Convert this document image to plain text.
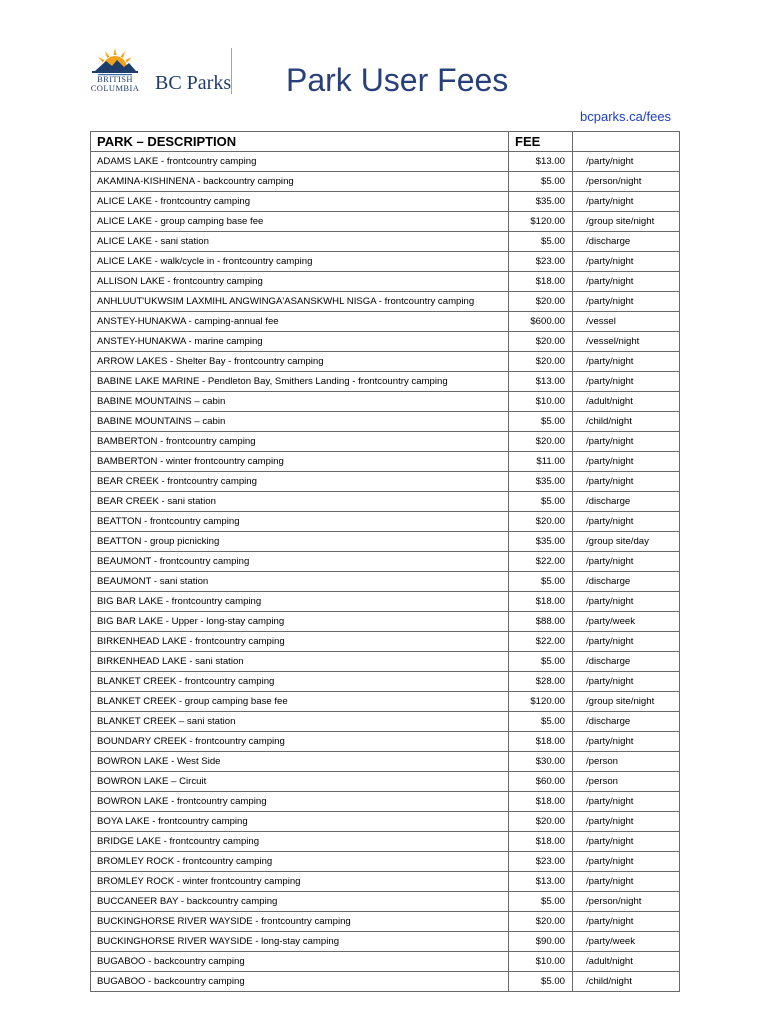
BRITISH
COLUMBIA BC Parks Park User Fees
bcparks.ca/fees
PARK – DESCRIPTION	FEE	
ADAMS LAKE - frontcountry camping	$13.00	/party/night
AKAMINA-KISHINENA - backcountry camping	$5.00	/person/night
ALICE LAKE - frontcountry camping	$35.00	/party/night
ALICE LAKE - group camping base fee	$120.00	/group site/night
ALICE LAKE - sani station	$5.00	/discharge
ALICE LAKE - walk/cycle in - frontcountry camping	$23.00	/party/night
ALLISON LAKE - frontcountry camping	$18.00	/party/night
ANHLUUT'UKWSIM LAXMIHL ANGWINGA'ASANSKWHL NISGA - frontcountry camping	$20.00	/party/night
ANSTEY-HUNAKWA - camping-annual fee	$600.00	/vessel
ANSTEY-HUNAKWA - marine camping	$20.00	/vessel/night
ARROW LAKES - Shelter Bay - frontcountry camping	$20.00	/party/night
BABINE LAKE MARINE - Pendleton Bay, Smithers Landing - frontcountry camping	$13.00	/party/night
BABINE MOUNTAINS – cabin	$10.00	/adult/night
BABINE MOUNTAINS – cabin	$5.00	/child/night
BAMBERTON - frontcountry camping	$20.00	/party/night
BAMBERTON - winter frontcountry camping	$11.00	/party/night
BEAR CREEK - frontcountry camping	$35.00	/party/night
BEAR CREEK - sani station	$5.00	/discharge
BEATTON - frontcountry camping	$20.00	/party/night
BEATTON - group picnicking	$35.00	/group site/day
BEAUMONT - frontcountry camping	$22.00	/party/night
BEAUMONT - sani station	$5.00	/discharge
BIG BAR LAKE - frontcountry camping	$18.00	/party/night
BIG BAR LAKE - Upper - long-stay camping	$88.00	/party/week
BIRKENHEAD LAKE - frontcountry camping	$22.00	/party/night
BIRKENHEAD LAKE - sani station	$5.00	/discharge
BLANKET CREEK - frontcountry camping	$28.00	/party/night
BLANKET CREEK - group camping base fee	$120.00	/group site/night
BLANKET CREEK – sani station	$5.00	/discharge
BOUNDARY CREEK - frontcountry camping	$18.00	/party/night
BOWRON LAKE - West Side	$30.00	/person
BOWRON LAKE – Circuit	$60.00	/person
BOWRON LAKE - frontcountry camping	$18.00	/party/night
BOYA LAKE - frontcountry camping	$20.00	/party/night
BRIDGE LAKE - frontcountry camping	$18.00	/party/night
BROMLEY ROCK - frontcountry camping	$23.00	/party/night
BROMLEY ROCK - winter frontcountry camping	$13.00	/party/night
BUCCANEER BAY - backcountry camping	$5.00	/person/night
BUCKINGHORSE RIVER WAYSIDE - frontcountry camping	$20.00	/party/night
BUCKINGHORSE RIVER WAYSIDE - long-stay camping	$90.00	/party/week
BUGABOO - backcountry camping	$10.00	/adult/night
BUGABOO - backcountry camping	$5.00	/child/night
